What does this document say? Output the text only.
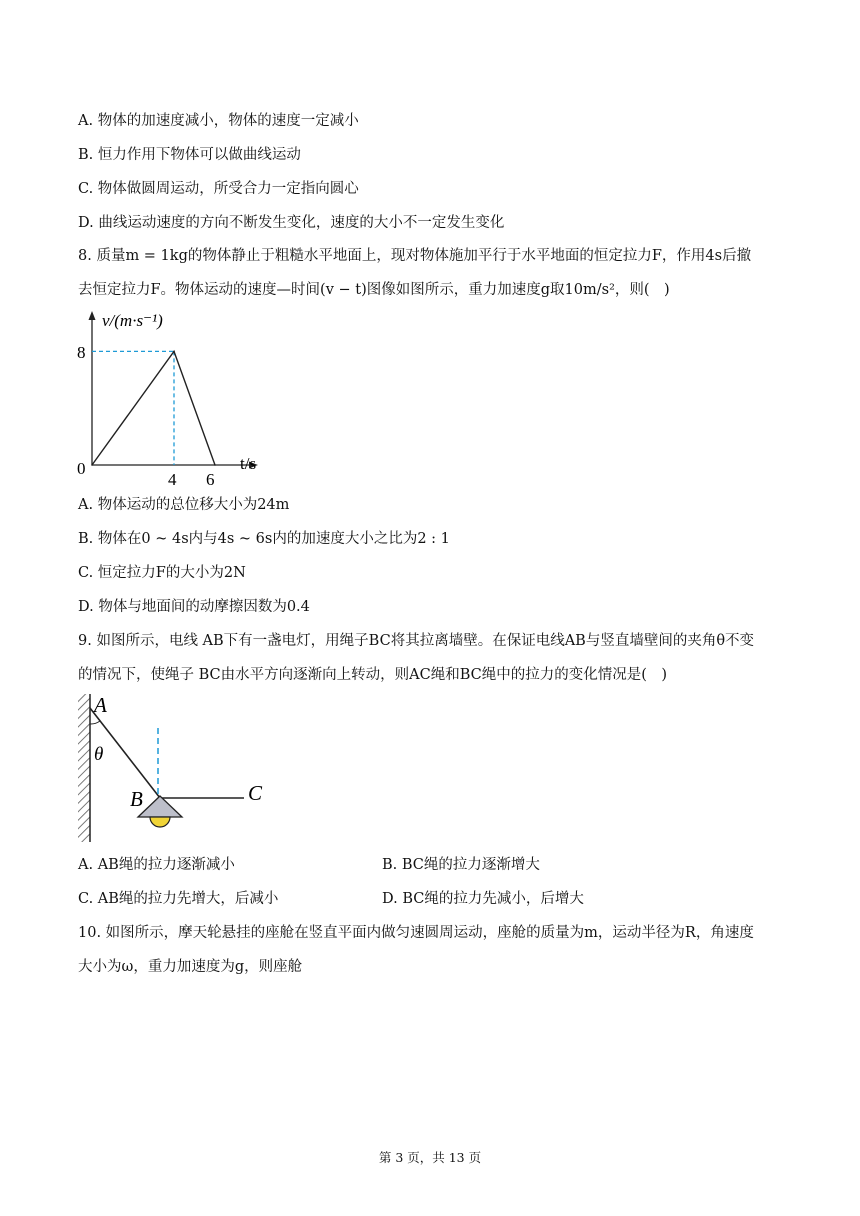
A. 物体的加速度减小，物体的速度一定减小
B. 恒力作用下物体可以做曲线运动
C. 物体做圆周运动，所受合力一定指向圆心
D. 曲线运动速度的方向不断发生变化，速度的大小不一定发生变化
8. 质量m = 1kg的物体静止于粗糙水平地面上，现对物体施加平行于水平地面的恒定拉力F，作用4s后撤
去恒定拉力F。物体运动的速度—时间(v − t)图像如图所示，重力加速度g取10m/s²，则(　)
v/(m·s⁻¹)
t/s
0
8
4 6
A. 物体运动的总位移大小为24m
B. 物体在0 ~ 4s内与4s ~ 6s内的加速度大小之比为2 : 1
C. 恒定拉力F的大小为2N
D. 物体与地面间的动摩擦因数为0.4
9. 如图所示，电线 AB下有一盏电灯，用绳子BC将其拉离墙壁。在保证电线AB与竖直墙壁间的夹角θ不变
的情况下，使绳子 BC由水平方向逐渐向上转动，则AC绳和BC绳中的拉力的变化情况是(　)
A
θ
B	C
A. AB绳的拉力逐渐减小	B. BC绳的拉力逐渐增大
C. AB绳的拉力先增大，后减小	D. BC绳的拉力先减小，后增大
10. 如图所示，摩天轮悬挂的座舱在竖直平面内做匀速圆周运动，座舱的质量为m，运动半径为R，角速度
大小为ω，重力加速度为g，则座舱
第 3 页，共 13 页
